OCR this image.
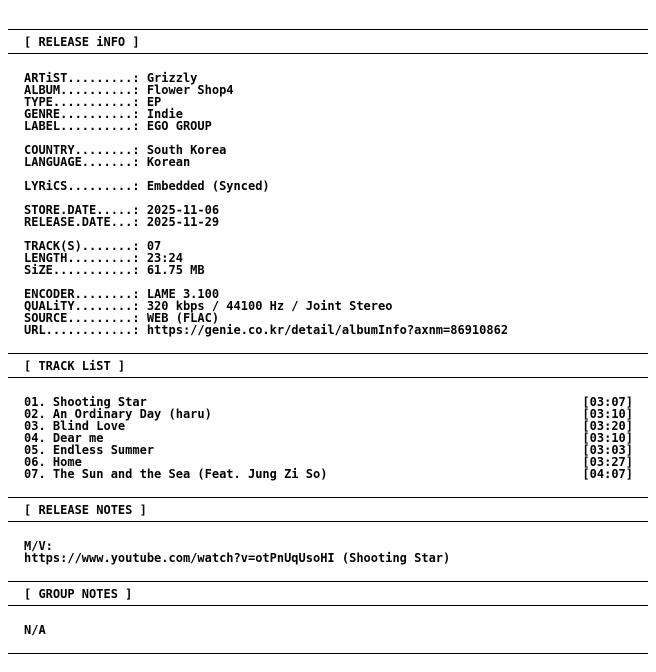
[ RELEASE iNFO ]
ARTiST.........: Grizzly
ALBUM..........: Flower Shop4
TYPE...........: EP
GENRE..........: Indie
LABEL..........: EGO GROUP
COUNTRY........: South Korea
LANGUAGE.......: Korean
LYRiCS.........: Embedded (Synced)
STORE.DATE.....: 2025-11-06
RELEASE.DATE...: 2025-11-29
TRACK(S).......: 07
LENGTH.........: 23:24
SiZE...........: 61.75 MB
ENCODER........: LAME 3.100
QUALiTY........: 320 kbps / 44100 Hz / Joint Stereo
SOURCE.........: WEB (FLAC)
URL............: https://genie.co.kr/detail/albumInfo?axnm=86910862
[ TRACK LiST ]
01. Shooting Star	[03:07]
02. An Ordinary Day (haru)	[03:10]
03. Blind Love	[03:20]
04. Dear me	[03:10]
05. Endless Summer	[03:03]
06. Home	[03:27]
07. The Sun and the Sea (Feat. Jung Zi So)	[04:07]
[ RELEASE NOTES ]
M/V:
https://www.youtube.com/watch?v=otPnUqUsoHI (Shooting Star)
[ GROUP NOTES ]
N/A
